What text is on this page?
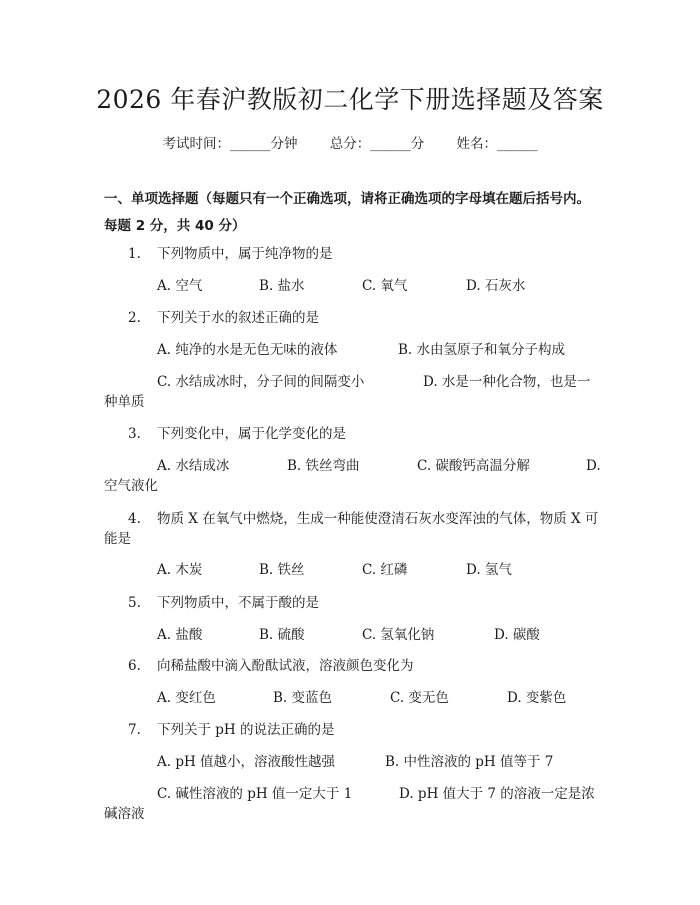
2026 年春沪教版初二化学下册选择题及答案
考试时间：______分钟 总分：______分 姓名：______
一、单项选择题（每题只有一个正确选项，请将正确选项的字母填在题后括号内。每题 2 分，共 40 分）
1. 下列物质中，属于纯净物的是
A. 空气	B. 盐水	C. 氧气	D. 石灰水
2. 下列关于水的叙述正确的是
A. 纯净的水是无色无味的液体	B. 水由氢原子和氧分子构成
C. 水结成冰时，分子间的间隔变小	D. 水是一种化合物，也是一
种单质
3. 下列变化中，属于化学变化的是
A. 水结成冰	B. 铁丝弯曲	C. 碳酸钙高温分解	D.
空气液化
4. 物质 X 在氧气中燃烧，生成一种能使澄清石灰水变浑浊的气体，物质 X 可
能是
A. 木炭	B. 铁丝	C. 红磷	D. 氢气
5. 下列物质中，不属于酸的是
A. 盐酸	B. 硫酸	C. 氢氧化钠	D. 碳酸
6. 向稀盐酸中滴入酚酞试液，溶液颜色变化为
A. 变红色	B. 变蓝色	C. 变无色	D. 变紫色
7. 下列关于 pH 的说法正确的是
A. pH 值越小，溶液酸性越强	B. 中性溶液的 pH 值等于 7
C. 碱性溶液的 pH 值一定大于 1	D. pH 值大于 7 的溶液一定是浓
碱溶液
